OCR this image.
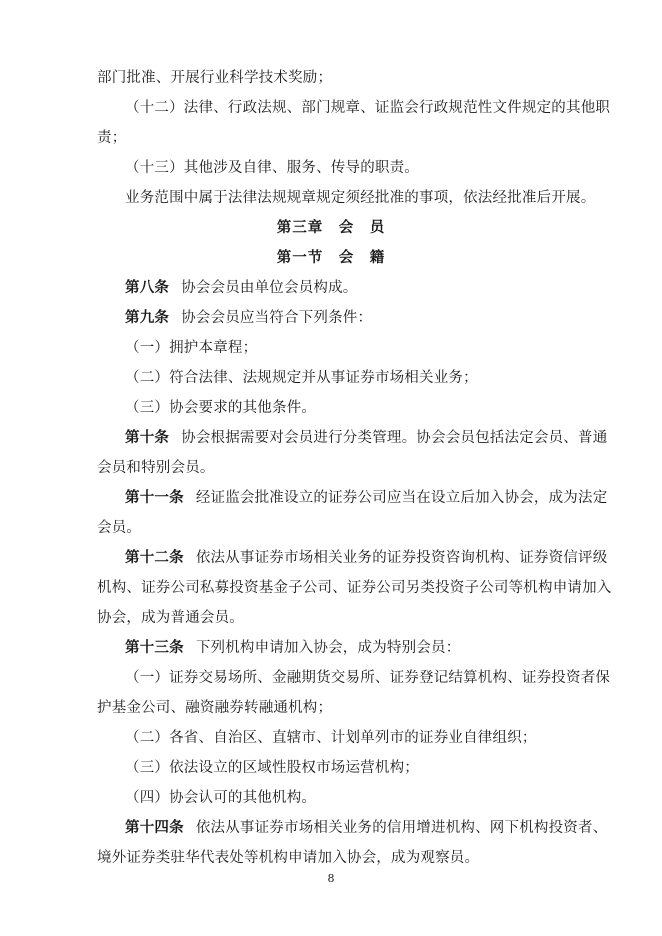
部门批准、开展行业科学技术奖励；
（十二）法律、行政法规、部门规章、证监会行政规范性文件规定的其他职
责；
（十三）其他涉及自律、服务、传导的职责。
业务范围中属于法律法规规章规定须经批准的事项，依法经批准后开展。
第三章　会　员
第一节　会　籍
第八条 协会会员由单位会员构成。
第九条 协会会员应当符合下列条件：
（一）拥护本章程；
（二）符合法律、法规规定并从事证券市场相关业务；
（三）协会要求的其他条件。
第十条 协会根据需要对会员进行分类管理。协会会员包括法定会员、普通
会员和特别会员。
第十一条 经证监会批准设立的证券公司应当在设立后加入协会，成为法定
会员。
第十二条 依法从事证券市场相关业务的证券投资咨询机构、证券资信评级
机构、证券公司私募投资基金子公司、证券公司另类投资子公司等机构申请加入
协会，成为普通会员。
第十三条 下列机构申请加入协会，成为特别会员：
（一）证券交易场所、金融期货交易所、证券登记结算机构、证券投资者保
护基金公司、融资融券转融通机构；
（二）各省、自治区、直辖市、计划单列市的证券业自律组织；
（三）依法设立的区域性股权市场运营机构；
（四）协会认可的其他机构。
第十四条 依法从事证券市场相关业务的信用增进机构、网下机构投资者、
境外证券类驻华代表处等机构申请加入协会，成为观察员。
8
